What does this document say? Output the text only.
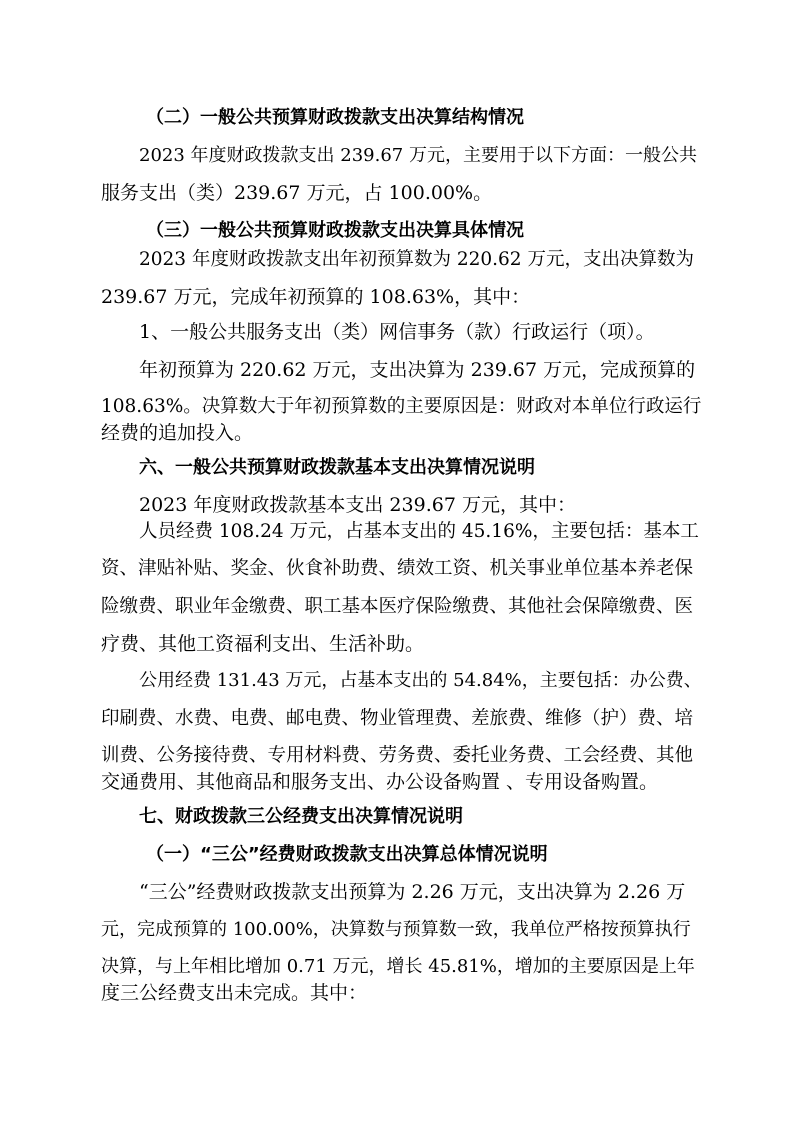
（二）一般公共预算财政拨款支出决算结构情况
2023 年度财政拨款支出 239.67 万元，主要用于以下方面：一般公共
服务支出（类）239.67 万元，占 100.00%。
（三）一般公共预算财政拨款支出决算具体情况
2023 年度财政拨款支出年初预算数为 220.62 万元，支出决算数为
239.67 万元，完成年初预算的 108.63%，其中：
1、一般公共服务支出（类）网信事务（款）行政运行（项）。
年初预算为 220.62 万元，支出决算为 239.67 万元，完成预算的
108.63%。决算数大于年初预算数的主要原因是：财政对本单位行政运行
经费的追加投入。
六、一般公共预算财政拨款基本支出决算情况说明
2023 年度财政拨款基本支出 239.67 万元，其中：
人员经费 108.24 万元，占基本支出的 45.16%，主要包括：基本工
资、津贴补贴、奖金、伙食补助费、绩效工资、机关事业单位基本养老保
险缴费、职业年金缴费、职工基本医疗保险缴费、其他社会保障缴费、医
疗费、其他工资福利支出、生活补助。
公用经费 131.43 万元，占基本支出的 54.84%，主要包括：办公费、
印刷费、水费、电费、邮电费、物业管理费、差旅费、维修（护）费、培
训费、公务接待费、专用材料费、劳务费、委托业务费、工会经费、其他
交通费用、其他商品和服务支出、办公设备购置 、专用设备购置。
七、财政拨款三公经费支出决算情况说明
（一）“三公”经费财政拨款支出决算总体情况说明
“三公”经费财政拨款支出预算为 2.26 万元，支出决算为 2.26 万
元，完成预算的 100.00%，决算数与预算数一致，我单位严格按预算执行
决算，与上年相比增加 0.71 万元，增长 45.81%，增加的主要原因是上年
度三公经费支出未完成。其中：
